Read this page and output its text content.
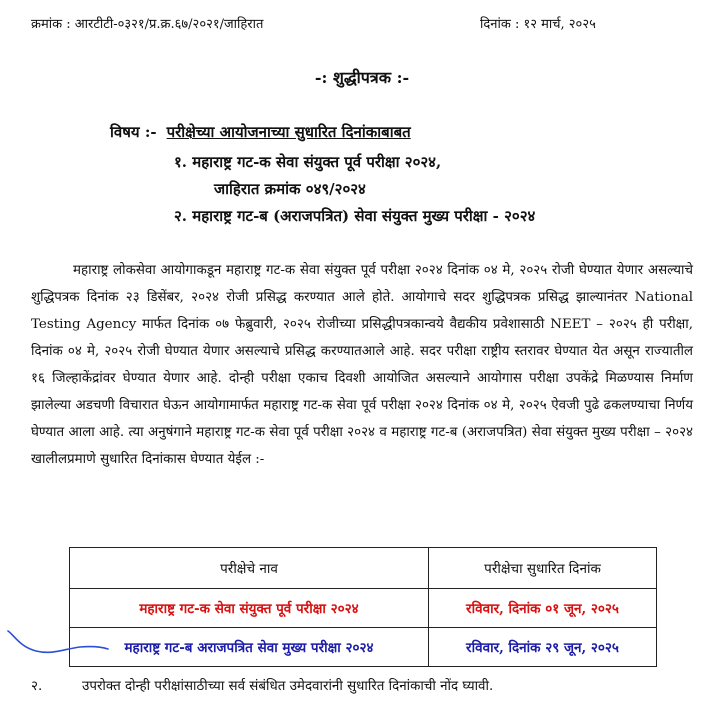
क्रमांक : आरटीटी-०३२१/प्र.क्र.६७/२०२१/जाहिरात	दिनांक : १२ मार्च, २०२५
-: शुद्धीपत्रक :-
विषय :- परीक्षेच्या आयोजनाच्या सुधारित दिनांकाबाबत
१. महाराष्ट्र गट-क सेवा संयुक्त पूर्व परीक्षा २०२४,
जाहिरात क्रमांक ०४९/२०२४
२. महाराष्ट्र गट-ब (अराजपत्रित) सेवा संयुक्त मुख्य परीक्षा - २०२४
महाराष्ट्र लोकसेवा आयोगाकडून महाराष्ट्र गट-क सेवा संयुक्त पूर्व परीक्षा २०२४ दिनांक ०४ मे, २०२५ रोजी घेण्यात येणार असल्याचे शुद्धिपत्रक दिनांक २३ डिसेंबर, २०२४ रोजी प्रसिद्ध करण्यात आले होते. आयोगाचे सदर शुद्धिपत्रक प्रसिद्ध झाल्यानंतर National Testing Agency मार्फत दिनांक ०७ फेब्रुवारी, २०२५ रोजीच्या प्रसिद्धीपत्रकान्वये वैद्यकीय प्रवेशासाठी NEET – २०२५ ही परीक्षा, दिनांक ०४ मे, २०२५ रोजी घेण्यात येणार असल्याचे प्रसिद्ध करण्यातआले आहे. सदर परीक्षा राष्ट्रीय स्तरावर घेण्यात येत असून राज्यातील १६ जिल्हाकेंद्रांवर घेण्यात येणार आहे. दोन्ही परीक्षा एकाच दिवशी आयोजित असल्याने आयोगास परीक्षा उपकेंद्रे मिळण्यास निर्माण झालेल्या अडचणी विचारात घेऊन आयोगामार्फत महाराष्ट्र गट-क सेवा पूर्व परीक्षा २०२४ दिनांक ०४ मे, २०२५ ऐवजी पुढे ढकलण्याचा निर्णय घेण्यात आला आहे. त्या अनुषंगाने महाराष्ट्र गट-क सेवा पूर्व परीक्षा २०२४ व महाराष्ट्र गट-ब (अराजपत्रित) सेवा संयुक्त मुख्य परीक्षा – २०२४ खालीलप्रमाणे सुधारित दिनांकास घेण्यात येईल :-
परीक्षेचे नाव	परीक्षेचा सुधारित दिनांक
महाराष्ट्र गट-क सेवा संयुक्त पूर्व परीक्षा २०२४	रविवार, दिनांक ०१ जून, २०२५
महाराष्ट्र गट-ब अराजपत्रित सेवा मुख्य परीक्षा २०२४	रविवार, दिनांक २९ जून, २०२५
२.	उपरोक्त दोन्ही परीक्षांसाठीच्या सर्व संबंधित उमेदवारांनी सुधारित दिनांकाची नोंद घ्यावी.
